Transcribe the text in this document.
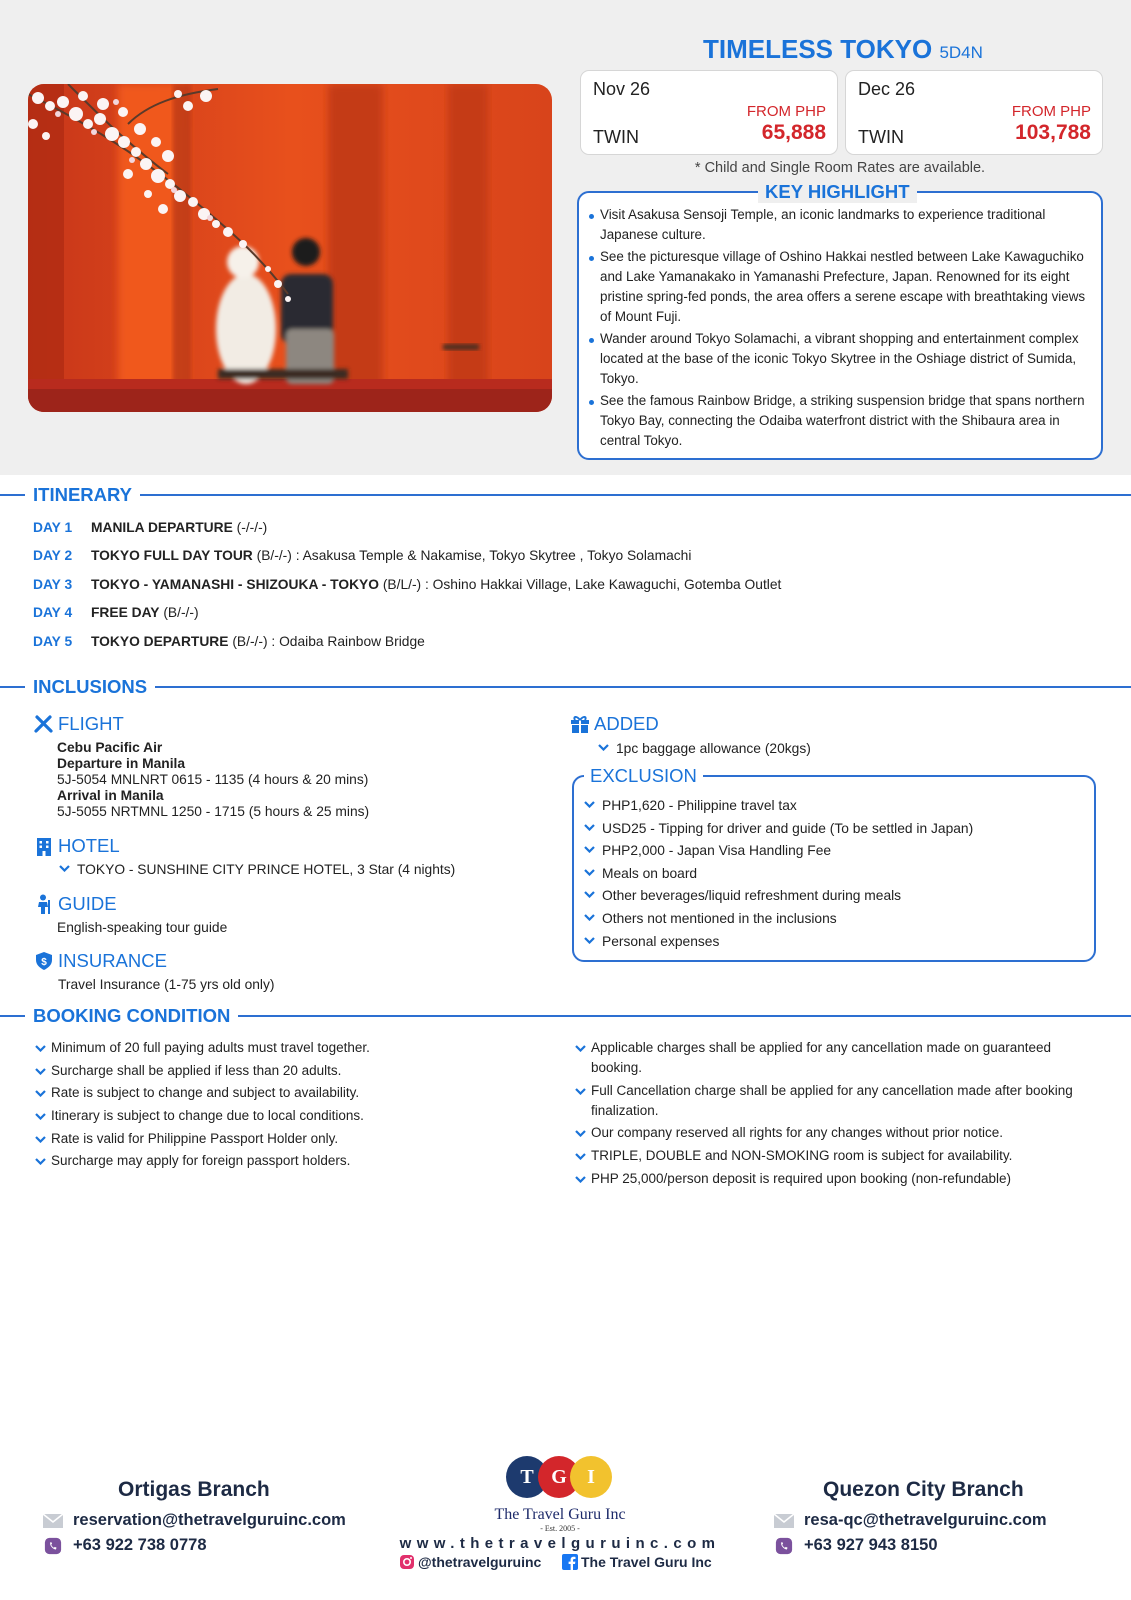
TIMELESS TOKYO 5D4N
Nov 26
TWIN
FROM PHP
65,888
Dec 26
TWIN
FROM PHP
103,788
* Child and Single Room Rates are available.
KEY HIGHLIGHT
Visit Asakusa Sensoji Temple, an iconic landmarks to experience traditional Japanese culture.
See the picturesque village of Oshino Hakkai nestled between Lake Kawaguchiko and Lake Yamanakako in Yamanashi Prefecture, Japan. Renowned for its eight pristine spring-fed ponds, the area offers a serene escape with breathtaking views of Mount Fuji.
Wander around Tokyo Solamachi, a vibrant shopping and entertainment complex located at the base of the iconic Tokyo Skytree in the Oshiage district of Sumida, Tokyo.
See the famous Rainbow Bridge, a striking suspension bridge that spans northern Tokyo Bay, connecting the Odaiba waterfront district with the Shibaura area in central Tokyo.
ITINERARY
DAY 1 MANILA DEPARTURE (-/-/-)
DAY 2 TOKYO FULL DAY TOUR (B/-/-) : Asakusa Temple & Nakamise, Tokyo Skytree , Tokyo Solamachi
DAY 3 TOKYO - YAMANASHI - SHIZOUKA - TOKYO (B/L/-) : Oshino Hakkai Village, Lake Kawaguchi, Gotemba Outlet
DAY 4 FREE DAY (B/-/-)
DAY 5 TOKYO DEPARTURE (B/-/-) : Odaiba Rainbow Bridge
INCLUSIONS
FLIGHT
Cebu Pacific Air
Departure in Manila
5J-5054 MNLNRT 0615 - 1135 (4 hours & 20 mins)
Arrival in Manila
5J-5055 NRTMNL 1250 - 1715 (5 hours & 25 mins)
HOTEL
TOKYO - SUNSHINE CITY PRINCE HOTEL, 3 Star (4 nights)
GUIDE
English-speaking tour guide
$ INSURANCE
Travel Insurance (1-75 yrs old only)
ADDED
1pc baggage allowance (20kgs)
EXCLUSION
PHP1,620 - Philippine travel tax
USD25 - Tipping for driver and guide (To be settled in Japan)
PHP2,000 - Japan Visa Handling Fee
Meals on board
Other beverages/liquid refreshment during meals
Others not mentioned in the inclusions
Personal expenses
BOOKING CONDITION
Minimum of 20 full paying adults must travel together.
Surcharge shall be applied if less than 20 adults.
Rate is subject to change and subject to availability.
Itinerary is subject to change due to local conditions.
Rate is valid for Philippine Passport Holder only.
Surcharge may apply for foreign passport holders.
Applicable charges shall be applied for any cancellation made on guaranteed booking.
Full Cancellation charge shall be applied for any cancellation made after booking finalization.
Our company reserved all rights for any changes without prior notice.
TRIPLE, DOUBLE and NON-SMOKING room is subject for availability.
PHP 25,000/person deposit is required upon booking (non-refundable)
Ortigas Branch
reservation@thetravelguruinc.com
+63 922 738 0778
T G	I
The Travel Guru Inc
- Est. 2005 -
www.thetravelguruinc.com
@thetravelguruinc	The Travel Guru Inc
Quezon City Branch
resa-qc@thetravelguruinc.com
+63 927 943 8150
